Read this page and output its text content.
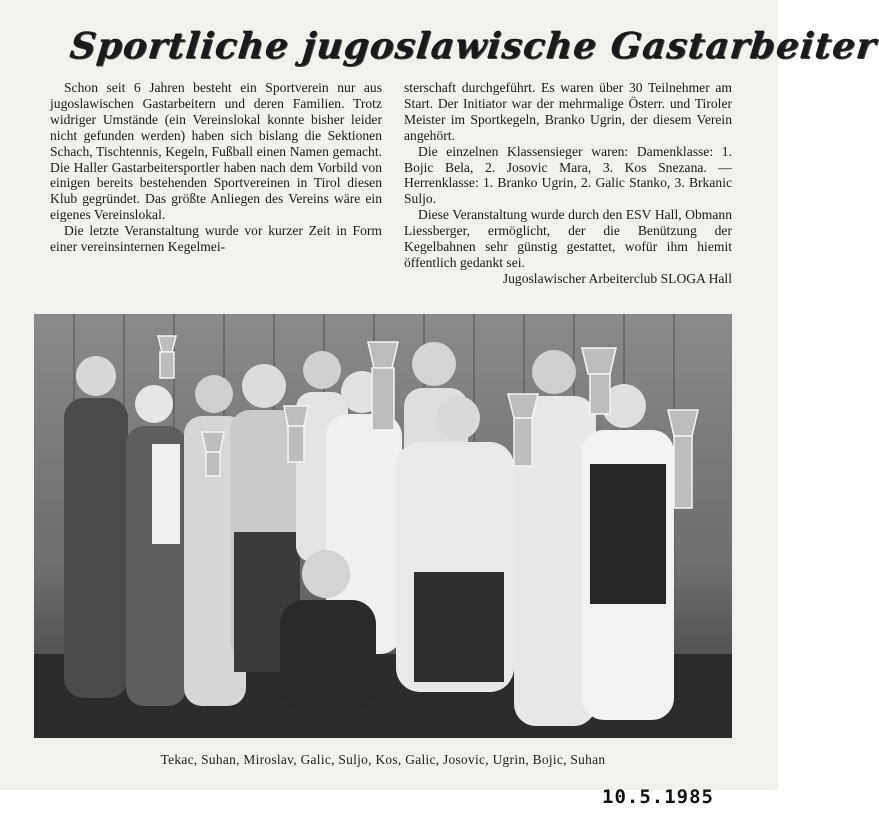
Sportliche jugoslawische Gastarbeiter

Schon seit 6 Jahren besteht ein Sportverein nur aus jugoslawischen Gastarbeitern und deren Familien. Trotz widriger Umstände (ein Vereinslokal konnte bisher leider nicht gefunden werden) haben sich bislang die Sektionen Schach, Tischtennis, Kegeln, Fußball einen Namen gemacht. Die Haller Gastarbeitersportler haben nach dem Vorbild von einigen bereits bestehenden Sportvereinen in Tirol diesen Klub gegründet. Das größte Anliegen des Vereins wäre ein eigenes Vereinslokal.

Die letzte Veranstaltung wurde vor kurzer Zeit in Form einer vereinsinternen Kegelmei-

sterschaft durchgeführt. Es waren über 30 Teilnehmer am Start. Der Initiator war der mehrmalige Österr. und Tiroler Meister im Sportkegeln, Branko Ugrin, der diesem Verein angehört.

Die einzelnen Klassensieger waren: Damenklasse: 1. Bojic Bela, 2. Josovic Mara, 3. Kos Snezana. — Herrenklasse: 1. Branko Ugrin, 2. Galic Stanko, 3. Brkanic Suljo.

Diese Veranstaltung wurde durch den ESV Hall, Obmann Liessberger, ermöglicht, der die Benützung der Kegelbahnen sehr günstig gestattet, wofür ihm hiemit öffentlich gedankt sei.

Jugoslawischer Arbeiterclub SLOGA Hall

Tekac, Suhan, Miroslav, Galic, Suljo, Kos, Galic, Josovic, Ugrin, Bojic, Suhan
10.5.1985
